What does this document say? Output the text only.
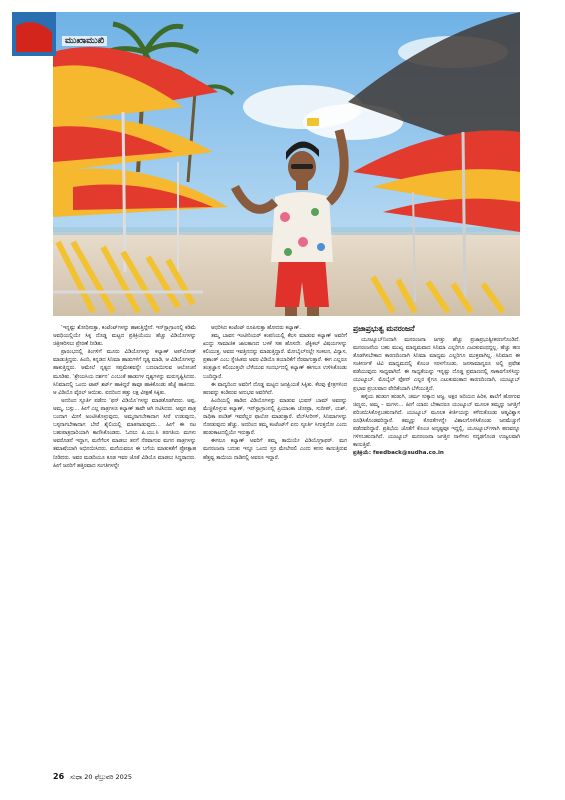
ಮುಖಾಮುಖಿ

‘ಇನ್ನಷ್ಟು ಶೋಧಿಸುತ್ತಾ, ಕಂಟೆಂಟ್‌ಗಳನ್ನು ಹಾಕುತ್ತಿದ್ದೇನೆ. ಇನ್‌ಸ್ಟಾಗ್ರಾಂನಲ್ಲಿ ಕಡಿಮೆ ಅವಧಿಯಲ್ಲಿಯೇ ಸಿಕ್ಕ ದೊಡ್ಡ ಮಟ್ಟದ ಪ್ರತಿಕ್ರಿಯೆಯು ಹೆಚ್ಚು ವಿಡಿಯೊಗಳನ್ನು ಚಿತ್ರೀಕರಿಸಲು ಪ್ರೇರಣೆ ನೀಡಿತು.

ಪ್ರಾರಂಭದಲ್ಲಿ ತಿಂಗಳಿಗೆ ಮೂರು ವಿಡಿಯೊಗಳನ್ನು ಕಲ್ಯಾಣ್ ಅಪ್‌ಲೋಡ್ ಮಾಡುತ್ತಿದ್ದರು. ಹಿಂದಿ, ಕನ್ನಡದ ಸಿನಿಮಾ ಹಾಡುಗಳಿಗೆ ನೃತ್ಯ ಮಾಡಿ, ಆ ವಿಡಿಯೊಗಳನ್ನು ಹಾಕುತ್ತಿದ್ದರು. ಆಮೇಲೆ ನೃತ್ಯದ ಸಪ್ತಮೇಶವನ್ನೇ ಬದಲಾಯಿಸುವ ಆಲೋಚನೆ ಮೂಡಿತು. ‘ಶ್ರೇಯಸಿಯ ದರ್ಶನ’ ಎಂಬಂತೆ ಹಾಡುಗಳ ದೃಶ್ಯಗಳನ್ನು ಮರುಸೃಷ್ಟಿಸಿದರು. ಸಿನಿಮಾದಲ್ಲಿ ಒಂದು ಟಾಪ್ ಶರ್ಟ್ ಹಾಕಿದ್ದರೆ ತಾವೂ ಹಾಕಿಕೊಂಡು ಹೆಜ್ಜೆ ಹಾಕಿದರು. ಆ ವಿಡಿಯೊ ವೈರಲ್ ಆಯಿತು. ಐದರಿಂದ ಹತ್ತು ಲಕ್ಷ ವೀಕ್ಷಣೆ ಸಿಕ್ಕಿತು.

ಅದರಿಂದ ಸ್ಫೂರ್ತಿ ಪಡೆದು ‘ಫನ್ ವಿಡಿಯೊ’ಗಳನ್ನು ಮಾಡತೊಡಗಿದರು. ಅಪ್ಪ, ಅಮ್ಮ, ಬಸ್ಸು... ಹೀಗೆ ಎಲ್ಲ ಪಾತ್ರಗಳೂ ಕಲ್ಯಾಣ್ ತಾವೇ ಆಗಿ ನಟಿಸಿದರು. ಅಪ್ಪನ ಪಾತ್ರ ಬಂದಾಗ ಮೀಸೆ ಅಂಟಿಸಿಕೊಳ್ಳುವುದು, ಅಮ್ಮನಾಗಬೇಕಾದಾಗ ಸೀರೆ ಉಡುವುದು, ಬಸ್ಸನಾಗಬೇಕಾದಾಗ ಬೇರೆ ಶೈಲಿಯಲ್ಲಿ ಮಾತನಾಡುವುದು... ಹೀಗೆ ಈ ನಟ ಬಹುಪಾತ್ರಧಾರಿಯಾಗಿ ಕಾಣಿಸಿಕೊಂಡರು. ಓದಲು ಪಿ.ಯು.ಸಿ ತರಗತಿಯ ಮಗಳು ಅವರೊಡನೆ ಇದ್ದಾಗ, ಮನೆಗೆಲಸ ಮಾಡಲು ತನಗೆ ನೆರವಾಗುವ ಮಗನ ಪಾತ್ರಗಳನ್ನು ತಮಾಷೆಯಾಗಿ ಅಭಿನಯಿಸಿದರು. ಮನೆಯವರೂ ಈ ಬಗೆಯ ಮಾತುಕತೆಗೆ ಪ್ರೋತ್ಸಾಹ ನೀಡಿದರು. ಅವರ ಮಡದಿಯೂ ಕೂಡ ಇವರ ಜೊತೆ ವಿಡಿಯೊ ಮಾಡಲು ಸಿದ್ಧರಾದರು. ಹೀಗೆ ಜನರಿಗೆ ಹತ್ತಿರವಾದ ಸಂಗತಿಗಳನ್ನೇ

ಆಧರಿಸಿದ ಕಂಟೆಂಟ್ ರೂಪಿಸುತ್ತಾ ಹೋದರು ಕಲ್ಯಾಣ್.

ತಮ್ಮ ಬಾವನ ಇಂಟೀರಿಯರ್ ಕಂಪನಿಯಲ್ಲಿ ಕೆಲಸ ಮಾಡುವ ಕಲ್ಯಾಣ್ ಅವರಿಗೆ ಖುದ್ದು ಸಾಮಾಜಿಕ ಜಾಲತಾಣದ ಬಳಕೆ ಸಹ ಹೊಸದೇ. ಟೆಕ್ನಿಕಲ್ ವಿಷಯಗಳನ್ನು ಕಲಿಯುತ್ತ, ಅವರು ಇವತ್ತಿನದನ್ನು ಮಾಡುತ್ತಿದ್ದಾರೆ. ಮೋಬೈಲ್‌ನಲ್ಲೇ ಸಂಕಲನ, ವಿನ್ಯಾಸ, ಪ್ರಶಾಂತ್ ಎಂಬ ಸ್ನೇಹಿತರು ಅವರ ವಿಡಿಯೊ ತಯಾರಿಕೆಗೆ ನೆರವಾಗುತ್ತಾರೆ. ಈಗ ಎಲ್ಲರೂ ತಂತ್ರಜ್ಞಾನ ಕಲಿಯುತ್ತಲೇ ಬೆಳೆಯುವ ಸಂದರ್ಭದಲ್ಲಿ ಕಲ್ಯಾಣ್ ಈಗಲೂ ಉಳಿಸಿಕೊಂಡು ಬಂದಿದ್ದಾರೆ.

ಈ ವಾದ್ಯದಿಂದ ಅವರಿಗೆ ದೊಡ್ಡ ಮಟ್ಟದ ಜನಪ್ರಿಯತೆ ಸಿಕ್ಕಿತು. ಕೆಲವು ಕ್ಷೇತ್ರಗಳಿಂದ ಹಣವನ್ನು ಕಂಡಿರುವ ಅನುಭವ ಅವರಿಗಿದೆ.

ಹಿಂದಿಯಲ್ಲಿ ಹಾಡಿದ ವಿಡಿಯೊಗಳನ್ನು ಮಾಡುವ ಭುವನ್ ಬಾಮ್ ಅವರನ್ನು ಮೆಚ್ಚಿಕೊಳ್ಳುವ ಕಲ್ಯಾಣ್, ಇನ್‌ಸ್ಟಾಗ್ರಾಂನಲ್ಲಿ ಪ್ರಿಯಾಂಕಾ ಚೋಪ್ರಾ, ಸುದೀಪ್, ಯಶ್, ರಾಧಿಕಾ ಪಂಡಿತ್ ಇವರೆಲ್ಲರ ಫಾಲೋ ಮಾಡುತ್ತಾರೆ. ವೆಬ್‌ಸೀರೀಸ್, ಸಿನಿಮಾಗಳನ್ನು ನೋಡುವುದು ಹೆಚ್ಚು. ಅದರಿಂದ ತಮ್ಮ ಕಂಟೆಂಟ್‌ಗೆ ಏನು ಸ್ಫೂರ್ತಿ ಸಿಗುತ್ತದೋ ಎಂದು ಹುಡುಕಾಟದಲ್ಲಿಯೇ ಇರುತ್ತಾರೆ.

ಈಗಲೂ ಕಲ್ಯಾಣ್ ಅವರಿಗೆ ತಮ್ಮ ತಾಯಿಯೇ ವಿಡಿಯೊಗ್ರಾಫರ್. ಮಗ ಮನರಂಜನಾ ಬದುಕು ಇನ್ನೂ ಒಂದು ಸ್ತರ ಮೇಲೇರಲಿ ಎಂದು ಕನಸು ಕಾಣುತ್ತಿರುವ ಹೆತ್ತವ್ವ ತಾಯಿಯ ನಾಡಿನಲ್ಲಿ ಅವರೂ ಇದ್ದಾರೆ.

ಪ್ರಜಾಪ್ರಭುತ್ವ ಮನರಂಜನೆ

ಯೂಟ್ಯೂಬ್‌ನಿಂದಾಗಿ ಮನರಂಜನಾ ಜಗತ್ತು ಹೆಚ್ಚು ಪ್ರಜಾಪ್ರಭುತ್ವೀಕರಣಗೊಂಡಿದೆ. ಮನರಂಜನೆಯ ಬಹು ಮುಖ್ಯ ಮಾಧ್ಯಮವಾದ ಸಿನಿಮಾ ಎಲ್ಲರಿಗೂ ಎಟುಕುವಂಥದ್ದಲ್ಲ. ಹೆಚ್ಚು ಹಣ ತೊಡಗಿಸಬೇಕಾದ ಕಾರಣದಿಂದಾಗಿ ಸಿನಿಮಾ ಮಾಧ್ಯಮ ಎಲ್ಲರಿಗೂ ಮುಕ್ತವಾಗಿಲ್ಲ. ಸಿನಿಮಾದ ಈ ಸಂಕೀರ್ಣತೆ ಟಿವಿ ಮಾಧ್ಯಮದಲ್ಲಿ ಕೊಂಚ ಸರಳಗೊಂಡು, ಜನಸಾಮಾನ್ಯರೂ ಅಲ್ಲಿ ಪ್ರವೇಶ ಪಡೆಯುವುದು ಸಾಧ್ಯವಾಗಿದೆ. ಈ ಸಾಧ್ಯತೆಯನ್ನು ಇನ್ನಷ್ಟು ದೊಡ್ಡ ಪ್ರಮಾಣದಲ್ಲಿ ಸಾಕಾರಗೊಳಿಸಿದ್ದು ಯುಟ್ಯೂಬ್. ಮೊಬೈಲ್ ಫೋನ್ ಎಲ್ಲರ ಕೈಗೂ ಎಟುಕುವಂತಾದ ಕಾರಣದಿಂದಾಗಿ, ಯುಟ್ಯೂಬ್ ಪ್ರಭಾವ ಪ್ರಬಲವಾದ ವೇದಿಕೆಯಾಗಿ ಬೆಳೆಯುತ್ತಿದೆ.

ಹಳ್ಳಿಯ ಹುಡುಗ ಹುಡುಗಿ, ಚರ್ಮ ಸುಕ್ಕಾದ ಅಜ್ಜ, ಅಕ್ಷರ ಅರಿಯದ ಹಿರಿಕ, ಶಾಲೆಗೆ ಹೋಗುವ ಚಿಣ್ಣರು, ಅಮ್ಮ – ಮಗಳು... ಹೀಗೆ ಯಾರು ಬೇಕಾದರೂ ಯುಟ್ಯೂಬ್ ಮೂಲಕ ತಮ್ಮನ್ನು ಜಗತ್ತಿಗೆ ಪರಿಚಯಿಸಿಕೊಳ್ಳಬಹುದಾಗಿದೆ. ಯುಟ್ಯೂಬ್ ಮೂಲಕ ಕೀರ್ತಿಯನ್ನು ಕಳೆದುಕೊಂಡು ಆತ್ಮವಿಶ್ವಾಸ ರೂಢಿಸಿಕೊಂಡವರಿದ್ದಾರೆ. ತಮ್ಮನ್ನು ಕೊರತೆಗಳನ್ನೇ ವಿಶಾಲಗೊಳಿಸಿಕೊಂಡು ಜನಮೆಚ್ಚುಗೆ ಪಡೆದವರಿದ್ದಾರೆ. ಪ್ರತಿಭೆಯ ಜೊತೆಗೆ ಕೊಂಚ ಅದೃಷ್ಟವೂ ಇದ್ದಲ್ಲಿ, ಯೂಟ್ಯೂಬ್‌ಗಳಾಗಿ ಹಣವನ್ನೂ ಗಳಿಸಬಹುದಾಗಿದೆ. ಯುಟ್ಯೂಬ್ ಮನರಂಜನಾ ಜಗತ್ತಿನ ನಾಳೆಗಳು ಸದೃಢಗೊಂಡ ಉಜ್ವಲವಾಗಿ ಕಾಣುತ್ತಿವೆ.

ಪ್ರತಿಕ್ರಿಯೆ: feedback@sudha.co.in

26 ಸುಧಾ 20 ಫೆಬ್ರುವರಿ 2025
